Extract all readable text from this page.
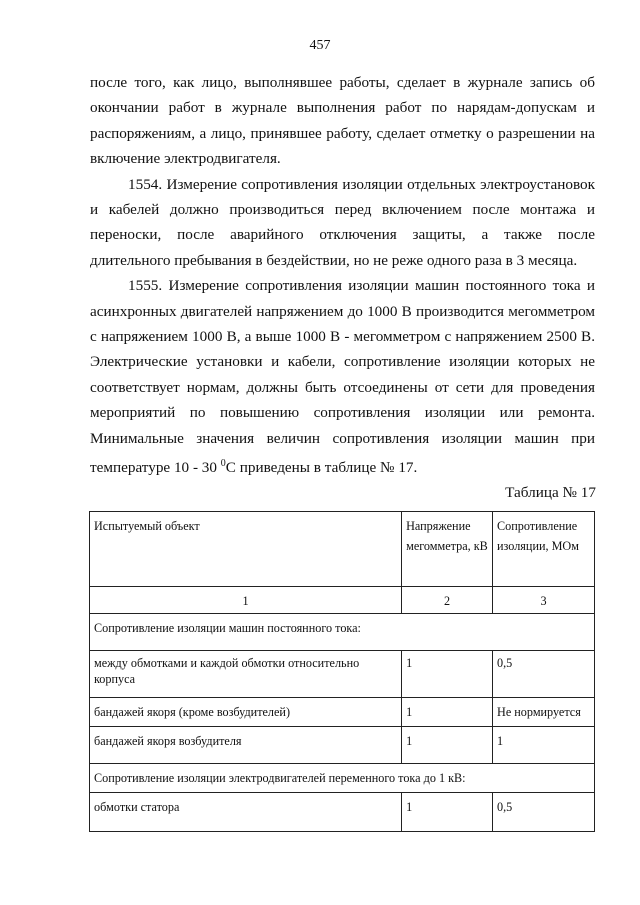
457

после того, как лицо, выполнявшее работы, сделает в журнале запись об окончании работ в журнале выполнения работ по нарядам-допускам и распоряжениям, а лицо, принявшее работу, сделает отметку о разрешении на включение электродвигателя.

1554. Измерение сопротивления изоляции отдельных электроустановок и кабелей должно производиться перед включением после монтажа и переноски, после аварийного отключения защиты, а также после длительного пребывания в бездействии, но не реже одного раза в 3 месяца.

1555. Измерение сопротивления изоляции машин постоянного тока и асинхронных двигателей напряжением до 1000 В производится мегомметром с напряжением 1000 В, а выше 1000 В - мегомметром с напряжением 2500 В. Электрические установки и кабели, сопротивление изоляции которых не соответствует нормам, должны быть отсоединены от сети для проведения мероприятий по повышению сопротивления изоляции или ремонта. Минимальные значения величин сопротивления изоляции машин при температуре 10 - 30 $^0$С приведены в таблице № 17.

Таблица № 17
Испытуемый объект	Напряжение мегомметра, кВ	Сопротивление изоляции, МОм
1	2	3
Сопротивление изоляции машин постоянного тока:		
между обмотками и каждой обмотки относительно корпуса	1	0,5
бандажей якоря (кроме возбудителей)	1	Не нормируется
бандажей якоря возбудителя	1	1
Сопротивление изоляции электродвигателей переменного тока до 1 кВ:		
обмотки статора	1	0,5
